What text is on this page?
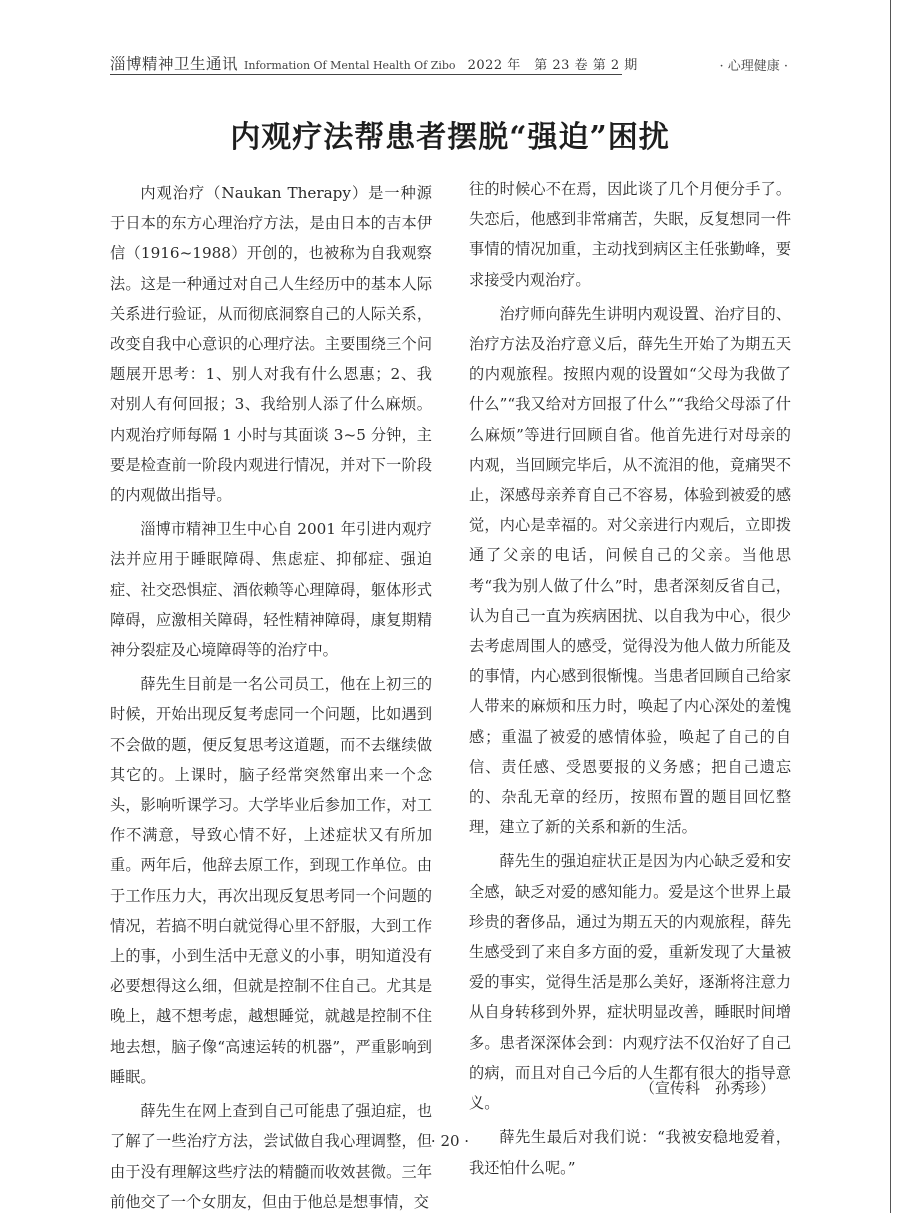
淄博精神卫生通讯 Information Of Mental Health Of Zibo 2022 年　第 23 卷 第 2 期	· 心理健康 ·
内观疗法帮患者摆脱“强迫”困扰

内观治疗（Naukan Therapy）是一种源于日本的东方心理治疗方法，是由日本的吉本伊信（1916~1988）开创的，也被称为自我观察法。这是一种通过对自己人生经历中的基本人际关系进行验证，从而彻底洞察自己的人际关系，改变自我中心意识的心理疗法。主要围绕三个问题展开思考：1、别人对我有什么恩惠；2、我对别人有何回报；3、我给别人添了什么麻烦。内观治疗师每隔 1 小时与其面谈 3~5 分钟，主要是检查前一阶段内观进行情况，并对下一阶段的内观做出指导。

淄博市精神卫生中心自 2001 年引进内观疗法并应用于睡眠障碍、焦虑症、抑郁症、强迫症、社交恐惧症、酒依赖等心理障碍，躯体形式障碍，应激相关障碍，轻性精神障碍，康复期精神分裂症及心境障碍等的治疗中。

薛先生目前是一名公司员工，他在上初三的时候，开始出现反复考虑同一个问题，比如遇到不会做的题，便反复思考这道题，而不去继续做其它的。上课时，脑子经常突然窜出来一个念头，影响听课学习。大学毕业后参加工作，对工作不满意，导致心情不好，上述症状又有所加重。两年后，他辞去原工作，到现工作单位。由于工作压力大，再次出现反复思考同一个问题的情况，若搞不明白就觉得心里不舒服，大到工作上的事，小到生活中无意义的小事，明知道没有必要想得这么细，但就是控制不住自己。尤其是晚上，越不想考虑，越想睡觉，就越是控制不住地去想，脑子像“高速运转的机器”，严重影响到睡眠。

薛先生在网上查到自己可能患了强迫症，也了解了一些治疗方法，尝试做自我心理调整，但由于没有理解这些疗法的精髓而收效甚微。三年前他交了一个女朋友，但由于他总是想事情，交

往的时候心不在焉，因此谈了几个月便分手了。失恋后，他感到非常痛苦，失眠，反复想同一件事情的情况加重，主动找到病区主任张勤峰，要求接受内观治疗。

治疗师向薛先生讲明内观设置、治疗目的、治疗方法及治疗意义后，薛先生开始了为期五天的内观旅程。按照内观的设置如“父母为我做了什么”“我又给对方回报了什么”“我给父母添了什么麻烦”等进行回顾自省。他首先进行对母亲的内观，当回顾完毕后，从不流泪的他，竟痛哭不止，深感母亲养育自己不容易，体验到被爱的感觉，内心是幸福的。对父亲进行内观后，立即拨通了父亲的电话，问候自己的父亲。当他思考“我为别人做了什么”时，患者深刻反省自己，认为自己一直为疾病困扰、以自我为中心，很少去考虑周围人的感受，觉得没为他人做力所能及的事情，内心感到很惭愧。当患者回顾自己给家人带来的麻烦和压力时，唤起了内心深处的羞愧感；重温了被爱的感情体验，唤起了自己的自信、责任感、受恩要报的义务感；把自己遗忘的、杂乱无章的经历，按照布置的题目回忆整理，建立了新的关系和新的生活。

薛先生的强迫症状正是因为内心缺乏爱和安全感，缺乏对爱的感知能力。爱是这个世界上最珍贵的奢侈品，通过为期五天的内观旅程，薛先生感受到了来自多方面的爱，重新发现了大量被爱的事实，觉得生活是那么美好，逐渐将注意力从自身转移到外界，症状明显改善，睡眠时间增多。患者深深体会到：内观疗法不仅治好了自己的病，而且对自己今后的人生都有很大的指导意义。

薛先生最后对我们说：“我被安稳地爱着，我还怕什么呢。”

（宣传科　孙秀珍）
· 20 ·
